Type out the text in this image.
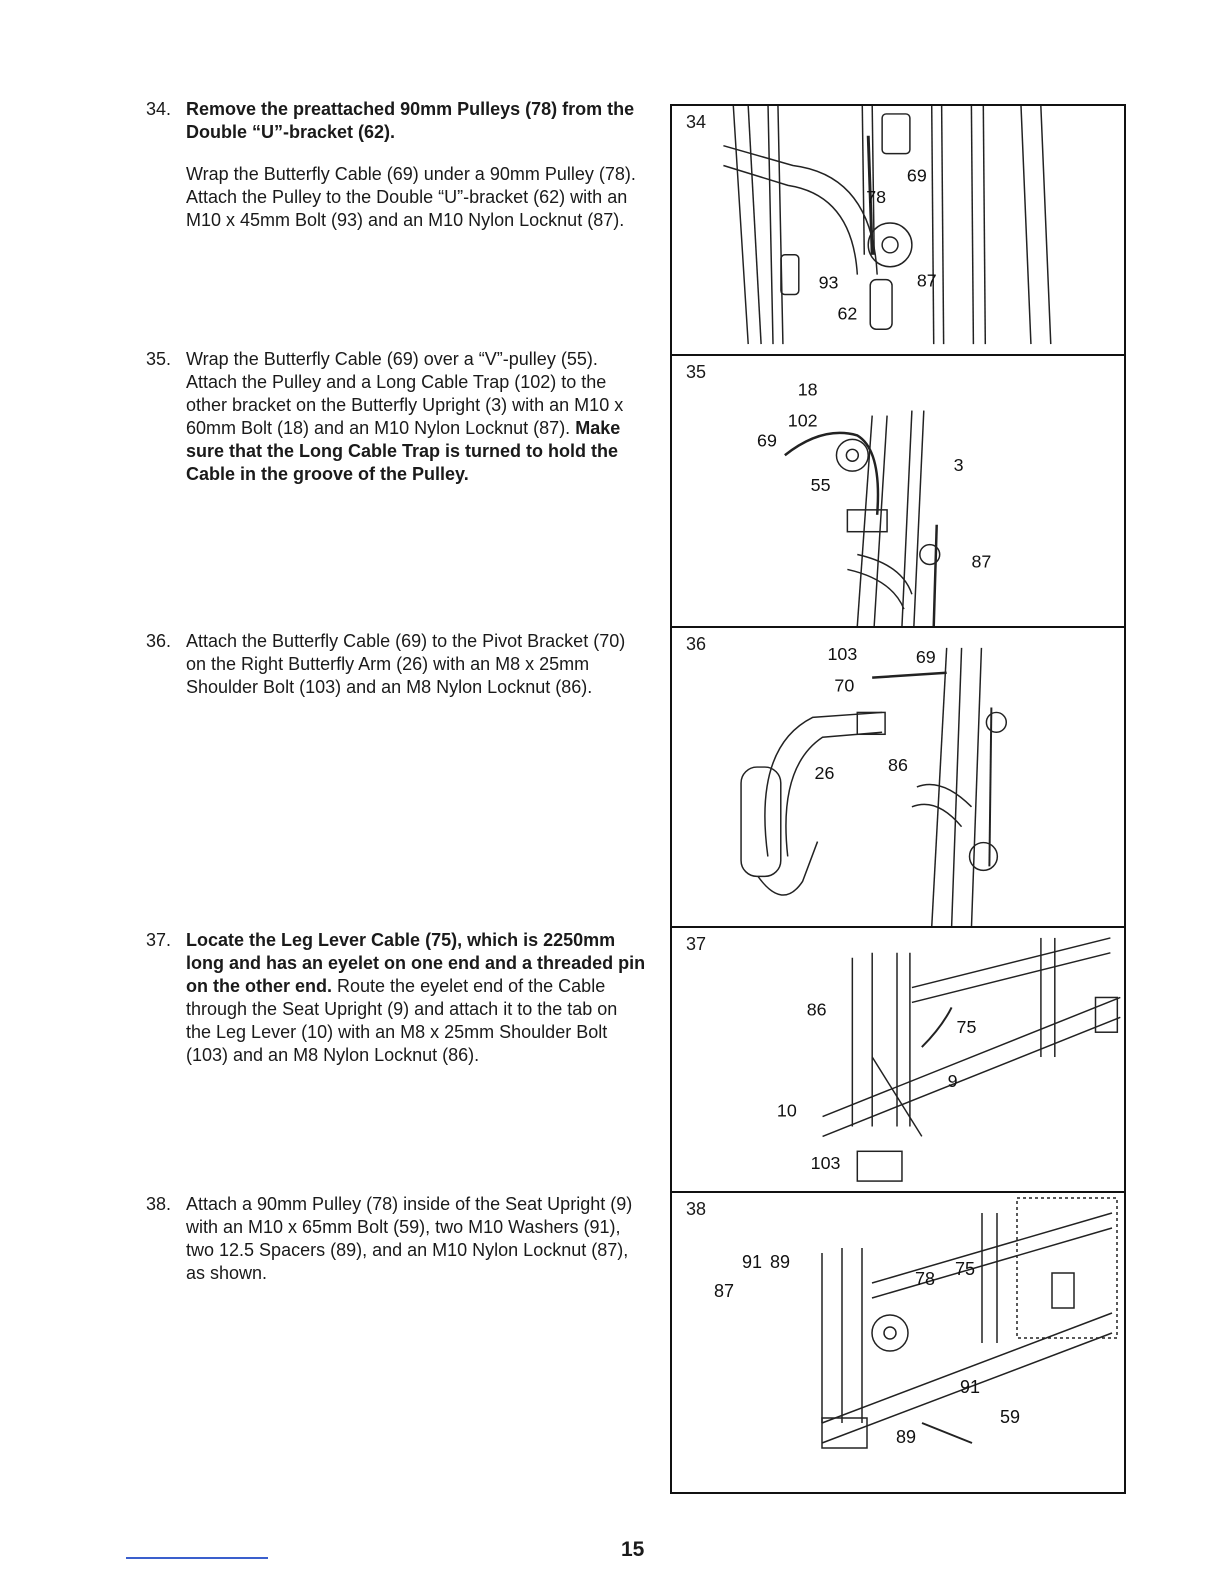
34. Remove the preattached 90mm Pulleys (78) from the Double “U”-bracket (62).

Wrap the Butterfly Cable (69) under a 90mm Pulley (78). Attach the Pulley to the Double “U”-bracket (62) with an M10 x 45mm Bolt (93) and an M10 Nylon Locknut (87).

35. Wrap the Butterfly Cable (69) over a “V”-pulley (55). Attach the Pulley and a Long Cable Trap (102) to the other bracket on the Butterfly Upright (3) with an M10 x 60mm Bolt (18) and an M10 Nylon Locknut (87). Make sure that the Long Cable Trap is turned to hold the Cable in the groove of the Pulley.

36. Attach the Butterfly Cable (69) to the Pivot Bracket (70) on the Right Butterfly Arm (26) with an M8 x 25mm Shoulder Bolt (103) and an M8 Nylon Locknut (86).

37. Locate the Leg Lever Cable (75), which is 2250mm long and has an eyelet on one end and a threaded pin on the other end. Route the eyelet end of the Cable through the Seat Upright (9) and attach it to the tab on the Leg Lever (10) with an M8 x 25mm Shoulder Bolt (103) and an M8 Nylon Locknut (86).

38. Attach a 90mm Pulley (78) inside of the Seat Upright (9) with an M10 x 65mm Bolt (59), two M10 Washers (91), two 12.5 Spacers (89), and an M10 Nylon Locknut (87), as shown.

34
69
78
93	87
62
35
18
102
69
3
55
87
36	103	69
70
26	86
37
86
75
9
10
103
38
91 89
87
78 75
91
89
59
15
